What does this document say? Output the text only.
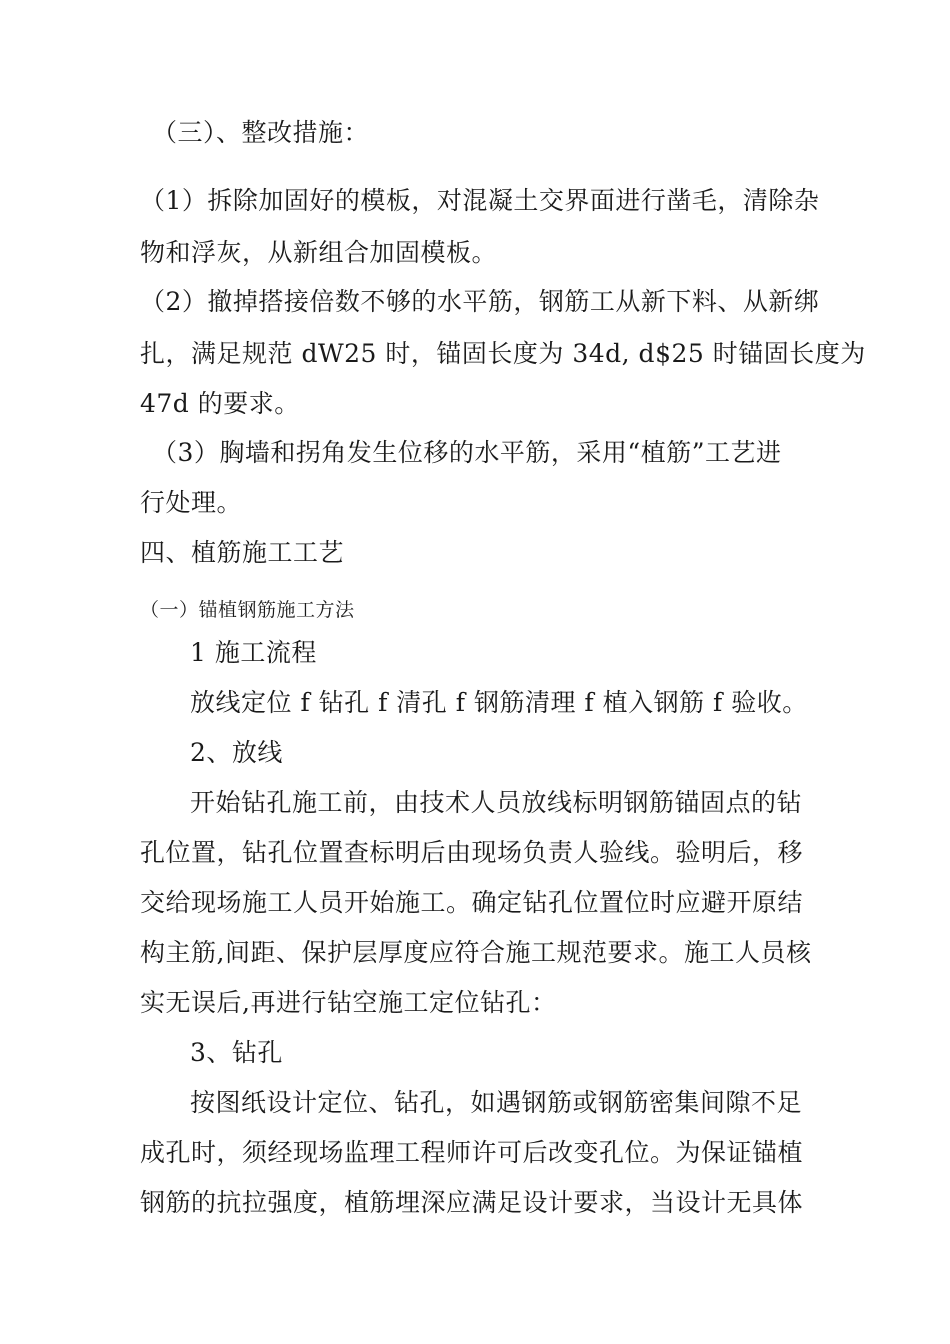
（三）、整改措施：
（1）拆除加固好的模板，对混凝土交界面进行凿毛，清除杂
物和浮灰，从新组合加固模板。
（2）撤掉搭接倍数不够的水平筋，钢筋工从新下料、从新绑
扎，满足规范 dW25 时，锚固长度为 34d, d$25 时锚固长度为
47d 的要求。
（3）胸墙和拐角发生位移的水平筋，采用“植筋”工艺进
行处理。
四、植筋施工工艺
（一）锚植钢筋施工方法
1 施工流程
放线定位 f 钻孔 f 清孔 f 钢筋清理 f 植入钢筋 f 验收。
2、放线
开始钻孔施工前，由技术人员放线标明钢筋锚固点的钻
孔位置，钻孔位置查标明后由现场负责人验线。验明后，移
交给现场施工人员开始施工。确定钻孔位置位时应避开原结
构主筋,间距、保护层厚度应符合施工规范要求。施工人员核
实无误后,再进行钻空施工定位钻孔：
3、钻孔
按图纸设计定位、钻孔，如遇钢筋或钢筋密集间隙不足
成孔时，须经现场监理工程师许可后改变孔位。为保证锚植
钢筋的抗拉强度，植筋埋深应满足设计要求，当设计无具体
